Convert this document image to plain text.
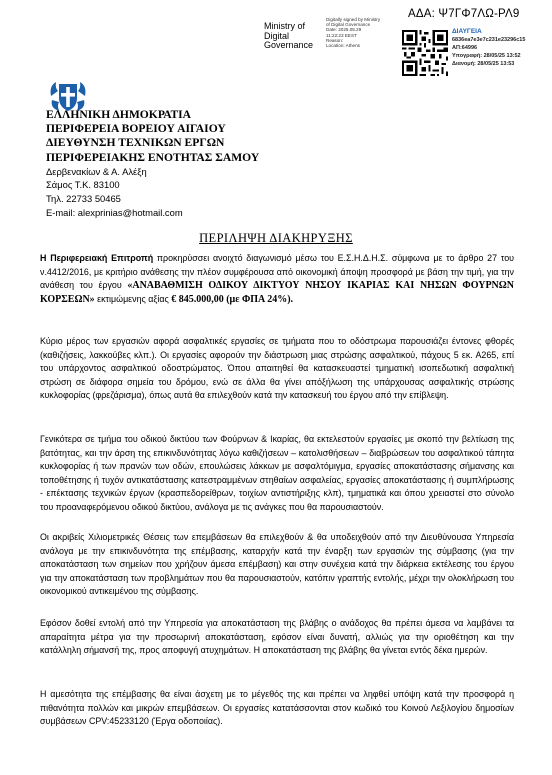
ΑΔΑ: Ψ7ΓΦ7ΛΩ-ΡΛ9
Ministry of
Digital
Governance
Digitally signed by Ministry
of Digital Governance
Date: 2025.05.29
11:22:23 EEST
Reason:
Location: Athens
ΔΙΑΥΓΕΙΑ
6836ea7e3e7c231e23296c15
ΑΠ:64996
Υπογραφή: 28/05/25 13:52
Διανομή: 28/05/25 13:53
ΕΛΛΗΝΙΚΗ ΔΗΜΟΚΡΑΤΙΑ
ΠΕΡΙΦΕΡΕΙΑ ΒΟΡΕΙΟΥ ΑΙΓΑΙΟΥ
ΔΙΕΥΘΥΝΣΗ ΤΕΧΝΙΚΩΝ ΕΡΓΩΝ
ΠΕΡΙΦΕΡΕΙΑΚΗΣ ΕΝΟΤΗΤΑΣ ΣΑΜΟΥ
Δερβενακίων & Α. Αλέξη
Σάμος Τ.Κ. 83100
Τηλ. 22733 50465
E-mail: alexprinias@hotmail.com
ΠΕΡΙΛΗΨΗ ΔΙΑΚΗΡΥΞΗΣ
Η Περιφερειακή Επιτροπή προκηρύσσει ανοιχτό διαγωνισμό μέσω του Ε.Σ.Η.Δ.Η.Σ. σύμφωνα με το άρθρο 27 του ν.4412/2016, με κριτήριο ανάθεσης την πλέον συμφέρουσα από οικονομική άποψη προσφορά με βάση την τιμή, για την ανάθεση του έργου «ΑΝΑΒΑΘΜΙΣΗ ΟΔΙΚΟΥ ΔΙΚΤΥΟΥ ΝΗΣΟΥ ΙΚΑΡΙΑΣ ΚΑΙ ΝΗΣΩΝ ΦΟΥΡΝΩΝ ΚΟΡΣΕΩΝ» εκτιμώμενης αξίας € 845.000,00 (με ΦΠΑ 24%).
Κύριο μέρος των εργασιών αφορά ασφαλτικές εργασίες σε τμήματα που το οδόστρωμα παρουσιάζει έντονες φθορές (καθιζήσεις, λακκούβες κλπ.). Οι εργασίες αφορούν την διάστρωση μιας στρώσης ασφαλτικού, πάχους 5 εκ. Α265, επί του υπάρχοντος ασφαλτικού οδοστρώματος. Όπου απαιτηθεί θα κατασκευαστεί τμηματική ισοπεδωτική ασφαλτική στρώση σε διάφορα σημεία του δρόμου, ενώ σε άλλα θα γίνει απόξήλωση της υπάρχουσας ασφαλτικής στρώσης κυκλοφορίας (φρεζάρισμα), όπως αυτά θα επιλεχθούν κατά την κατασκευή του έργου από την επίβλεψη.
Γενικότερα σε τμήμα του οδικού δικτύου των Φούρνων & Ικαρίας, θα εκτελεστούν εργασίες με σκοπό την βελτίωση της βατότητας, και την άρση της επικινδυνότητας λόγω καθιζήσεων – κατολισθήσεων – διαβρώσεων του ασφαλτικού τάπητα κυκλοφορίας ή των πρανών των οδών, επουλώσεις λάκκων με ασφαλτόμιγμα, εργασίες αποκατάστασης σήμανσης και τοποθέτησης ή τυχόν αντικατάστασης κατεστραμμένων στηθαίων ασφαλείας, εργασίες αποκατάστασης ή συμπλήρωσης - επέκτασης τεχνικών έργων (κρασπεδορείθρων, τοιχίων αντιστήριξης κλπ), τμηματικά και όπου χρειαστεί στο σύνολο του προαναφερόμενου οδικού δικτύου, ανάλογα με τις ανάγκες που θα παρουσιαστούν.
Οι ακριβείς Χιλιομετρικές Θέσεις των επεμβάσεων θα επιλεχθούν & θα υποδειχθούν από την Διευθύνουσα Υπηρεσία ανάλογα με την επικινδυνότητα της επέμβασης, καταρχήν κατά την έναρξη των εργασιών της σύμβασης (για την αποκατάσταση των σημείων που χρήζουν άμεσα επέμβαση) και στην συνέχεια κατά την διάρκεια εκτέλεσης του έργου για την αποκατάσταση των προβλημάτων που θα παρουσιαστούν, κατόπιν γραπτής εντολής, μέχρι την ολοκλήρωση του οικονομικού αντικειμένου της σύμβασης.
Εφόσον δοθεί εντολή από την Υπηρεσία για αποκατάσταση της βλάβης ο ανάδοχος θα πρέπει άμεσα να λαμβάνει τα απαραίτητα μέτρα για την προσωρινή αποκατάσταση, εφόσον είναι δυνατή, αλλιώς για την οριοθέτηση και την κατάλληλη σήμανσή της, προς αποφυγή ατυχημάτων. Η αποκατάσταση της βλάβης θα γίνεται εντός δέκα ημερών.
Η αμεσότητα της επέμβασης θα είναι άσχετη με το μέγεθός της και πρέπει να ληφθεί υπόψη κατά την προσφορά η πιθανότητα πολλών και μικρών επεμβάσεων. Οι εργασίες κατατάσσονται στον κωδικό του Κοινού Λεξιλογίου δημοσίων συμβάσεων CPV:45233120 (Έργα οδοποιίας).
